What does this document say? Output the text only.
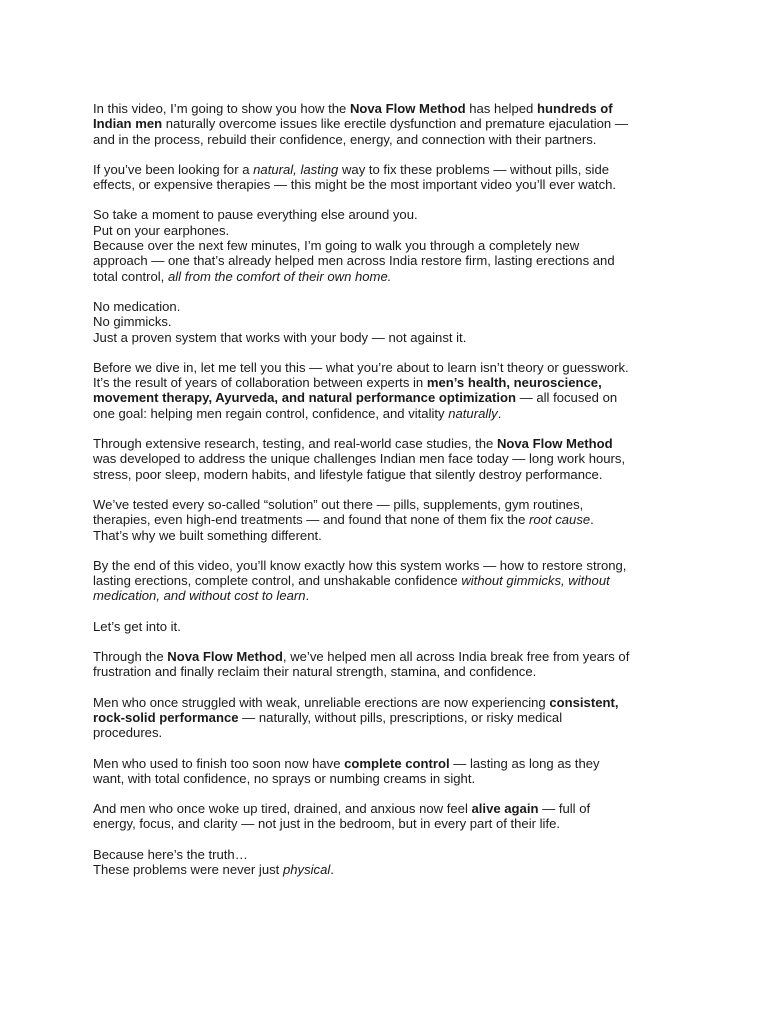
In this video, I’m going to show you how the Nova Flow Method has helped hundreds of
Indian men naturally overcome issues like erectile dysfunction and premature ejaculation —
and in the process, rebuild their confidence, energy, and connection with their partners.

If you’ve been looking for a natural, lasting way to fix these problems — without pills, side
effects, or expensive therapies — this might be the most important video you’ll ever watch.

So take a moment to pause everything else around you.
Put on your earphones.
Because over the next few minutes, I’m going to walk you through a completely new
approach — one that’s already helped men across India restore firm, lasting erections and
total control, all from the comfort of their own home.

No medication.
No gimmicks.
Just a proven system that works with your body — not against it.

Before we dive in, let me tell you this — what you’re about to learn isn’t theory or guesswork.
It’s the result of years of collaboration between experts in men’s health, neuroscience,
movement therapy, Ayurveda, and natural performance optimization — all focused on
one goal: helping men regain control, confidence, and vitality naturally.

Through extensive research, testing, and real-world case studies, the Nova Flow Method
was developed to address the unique challenges Indian men face today — long work hours,
stress, poor sleep, modern habits, and lifestyle fatigue that silently destroy performance.

We’ve tested every so-called “solution” out there — pills, supplements, gym routines,
therapies, even high-end treatments — and found that none of them fix the root cause.
That’s why we built something different.

By the end of this video, you’ll know exactly how this system works — how to restore strong,
lasting erections, complete control, and unshakable confidence without gimmicks, without
medication, and without cost to learn.

Let’s get into it.

Through the Nova Flow Method, we’ve helped men all across India break free from years of
frustration and finally reclaim their natural strength, stamina, and confidence.

Men who once struggled with weak, unreliable erections are now experiencing consistent,
rock-solid performance — naturally, without pills, prescriptions, or risky medical
procedures.

Men who used to finish too soon now have complete control — lasting as long as they
want, with total confidence, no sprays or numbing creams in sight.

And men who once woke up tired, drained, and anxious now feel alive again — full of
energy, focus, and clarity — not just in the bedroom, but in every part of their life.

Because here’s the truth…
These problems were never just physical.
